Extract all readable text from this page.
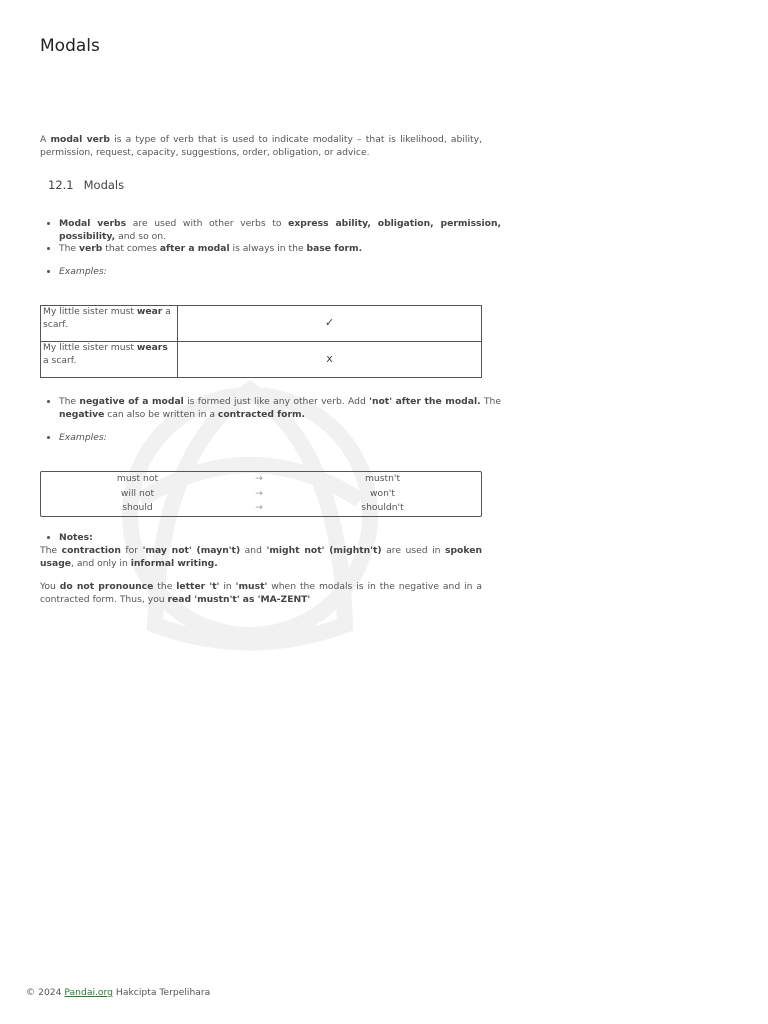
Modals

A modal verb is a type of verb that is used to indicate modality – that is likelihood, ability, permission, request, capacity, suggestions, order, obligation, or advice.

12.1 Modals
• Modal verbs are used with other verbs to express ability, obligation, permission, possibility, and so on.
• The verb that comes after a modal is always in the base form.
• Examples:
My little sister must wear a scarf.	✓
My little sister must wears a scarf.	x
• The negative of a modal is formed just like any other verb. Add 'not' after the modal. The negative can also be written in a contracted form.
• Examples:
must not	→	mustn't
will not	→	won't
should	→	shouldn't
• Notes:

The contraction for 'may not' (mayn't) and 'might not' (mightn't) are used in spoken usage, and only in informal writing.

You do not pronounce the letter 't' in 'must' when the modals is in the negative and in a contracted form. Thus, you read 'mustn't' as 'MA-ZENT'

© 2024 Pandai.org Hakcipta Terpelihara
